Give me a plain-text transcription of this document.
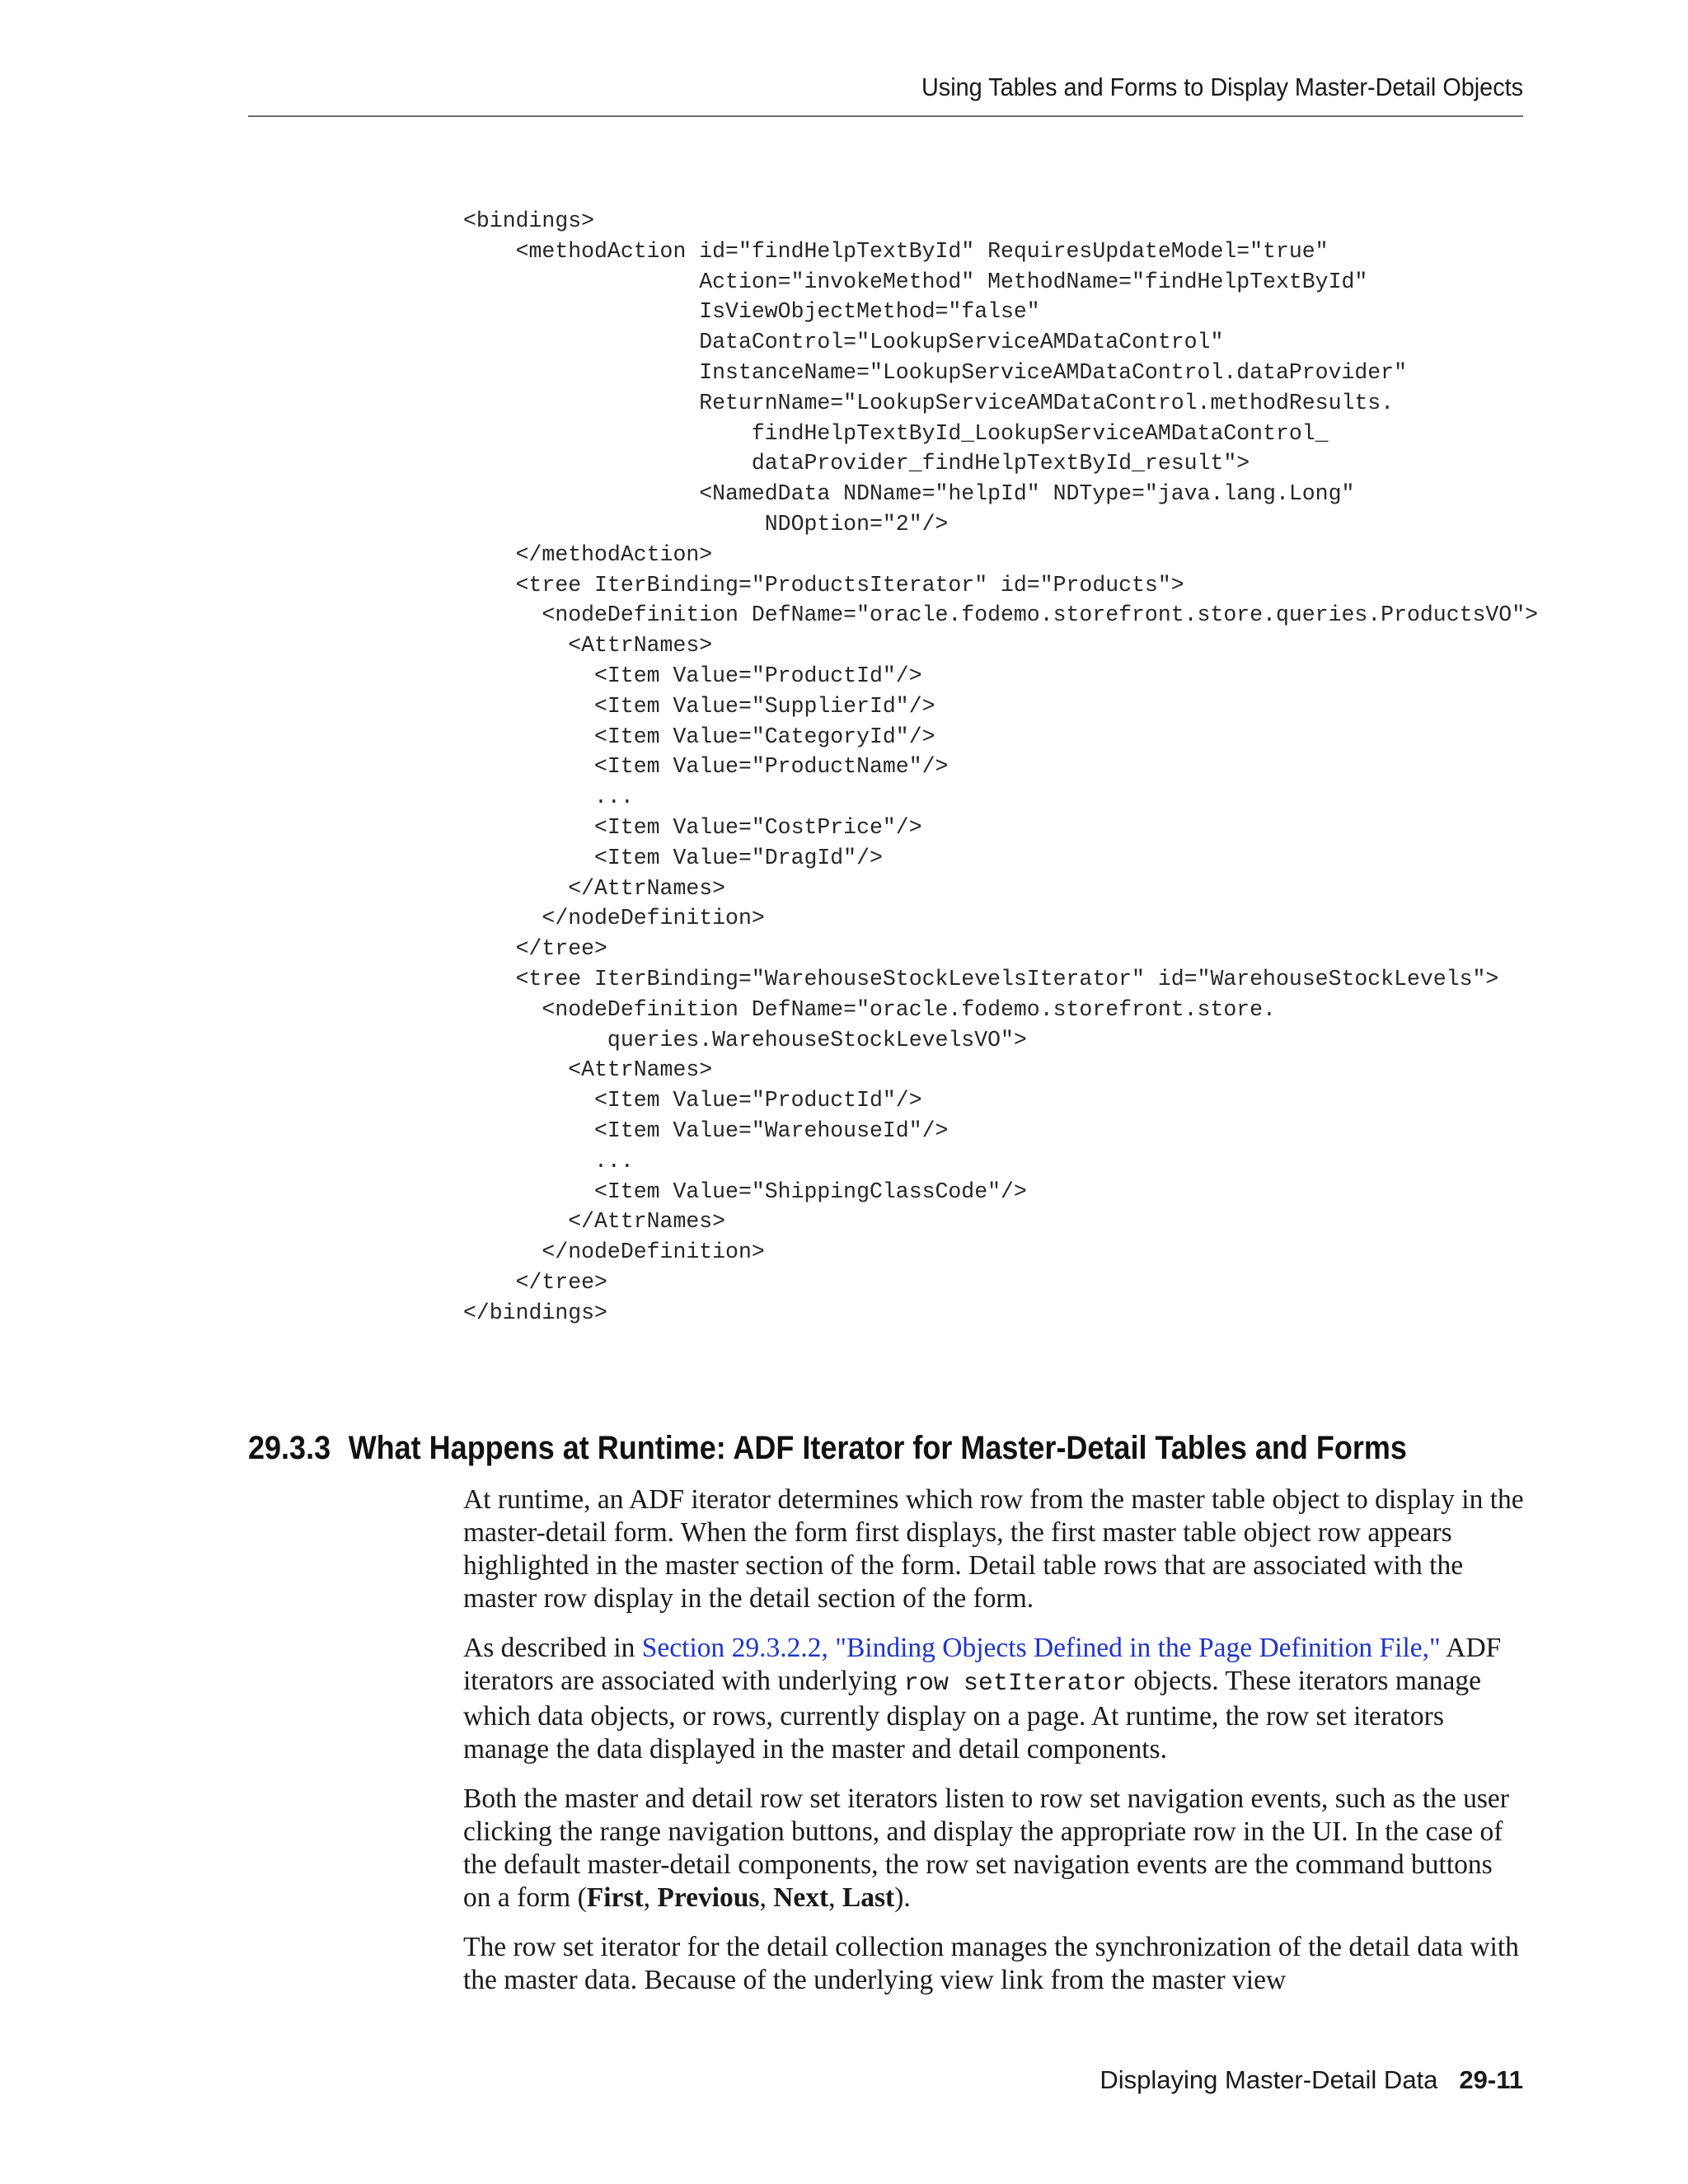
Using Tables and Forms to Display Master-Detail Objects
<bindings>
<methodAction id="findHelpTextById" RequiresUpdateModel="true"
Action="invokeMethod" MethodName="findHelpTextById"
IsViewObjectMethod="false"
DataControl="LookupServiceAMDataControl"
InstanceName="LookupServiceAMDataControl.dataProvider"
ReturnName="LookupServiceAMDataControl.methodResults.
findHelpTextById_LookupServiceAMDataControl_
dataProvider_findHelpTextById_result">
<NamedData NDName="helpId" NDType="java.lang.Long"
NDOption="2"/>
</methodAction>
<tree IterBinding="ProductsIterator" id="Products">
<nodeDefinition DefName="oracle.fodemo.storefront.store.queries.ProductsVO">
<AttrNames>
<Item Value="ProductId"/>
<Item Value="SupplierId"/>
<Item Value="CategoryId"/>
<Item Value="ProductName"/>
...
<Item Value="CostPrice"/>
<Item Value="DragId"/>
</AttrNames>
</nodeDefinition>
</tree>
<tree IterBinding="WarehouseStockLevelsIterator" id="WarehouseStockLevels">
<nodeDefinition DefName="oracle.fodemo.storefront.store.
queries.WarehouseStockLevelsVO">
<AttrNames>
<Item Value="ProductId"/>
<Item Value="WarehouseId"/>
...
<Item Value="ShippingClassCode"/>
</AttrNames>
</nodeDefinition>
</tree>
</bindings>
29.3.3 What Happens at Runtime: ADF Iterator for Master-Detail Tables and Forms

At runtime, an ADF iterator determines which row from the master table object to display in the master-detail form. When the form first displays, the first master table object row appears highlighted in the master section of the form. Detail table rows that are associated with the master row display in the detail section of the form.

As described in Section 29.3.2.2, "Binding Objects Defined in the Page Definition File," ADF iterators are associated with underlying row setIterator objects. These iterators manage which data objects, or rows, currently display on a page. At runtime, the row set iterators manage the data displayed in the master and detail components.

Both the master and detail row set iterators listen to row set navigation events, such as the user clicking the range navigation buttons, and display the appropriate row in the UI. In the case of the default master-detail components, the row set navigation events are the command buttons on a form (First, Previous, Next, Last).

The row set iterator for the detail collection manages the synchronization of the detail data with the master data. Because of the underlying view link from the master view

Displaying Master-Detail Data 29-11
